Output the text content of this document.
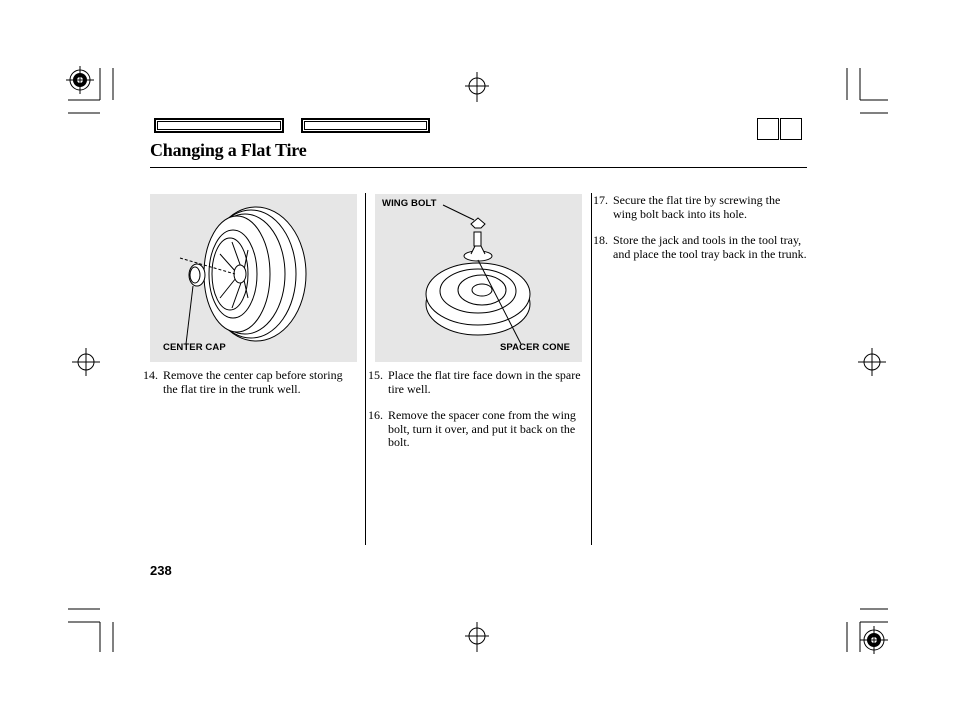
Changing a Flat Tire
CENTER CAP
WING BOLT
SPACER CONE
14. Remove the center cap before storing the flat tire in the trunk well.
15. Place the flat tire face down in the spare tire well.
16. Remove the spacer cone from the wing bolt, turn it over, and put it back on the bolt.
17. Secure the flat tire by screwing the wing bolt back into its hole.
18. Store the jack and tools in the tool tray, and place the tool tray back in the trunk.
238
